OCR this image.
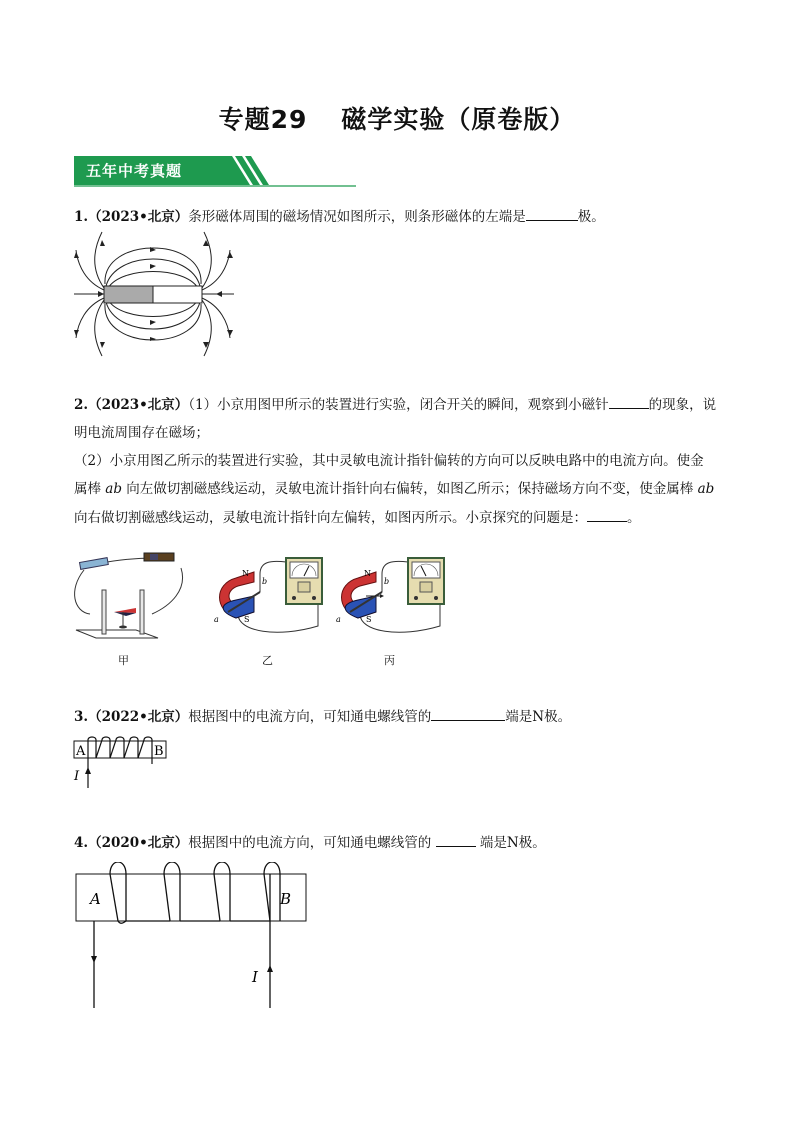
专题29 磁学实验（原卷版）
五年中考真题
1.（2023•北京）条形磁体周围的磁场情况如图所示，则条形磁体的左端是	极。
2.（2023•北京）（1）小京用图甲所示的装置进行实验，闭合开关的瞬间，观察到小磁针	的现象，说
明电流周围存在磁场；
（2）小京用图乙所示的装置进行实验，其中灵敏电流计指针偏转的方向可以反映电路中的电流方向。使金
属棒 ab 向左做切割磁感线运动，灵敏电流计指针向右偏转，如图乙所示；保持磁场方向不变，使金属棒 ab
向右做切割磁感线运动，灵敏电流计指针向左偏转，如图丙所示。小京探究的问题是：	。
甲
N
S
a
b
乙
N
S
a
b
丙
3.（2022•北京）根据图中的电流方向，可知通电螺线管的	端是N极。
A	B
I
4.（2020•北京）根据图中的电流方向，可知通电螺线管的	端是N极。
A	B
I
